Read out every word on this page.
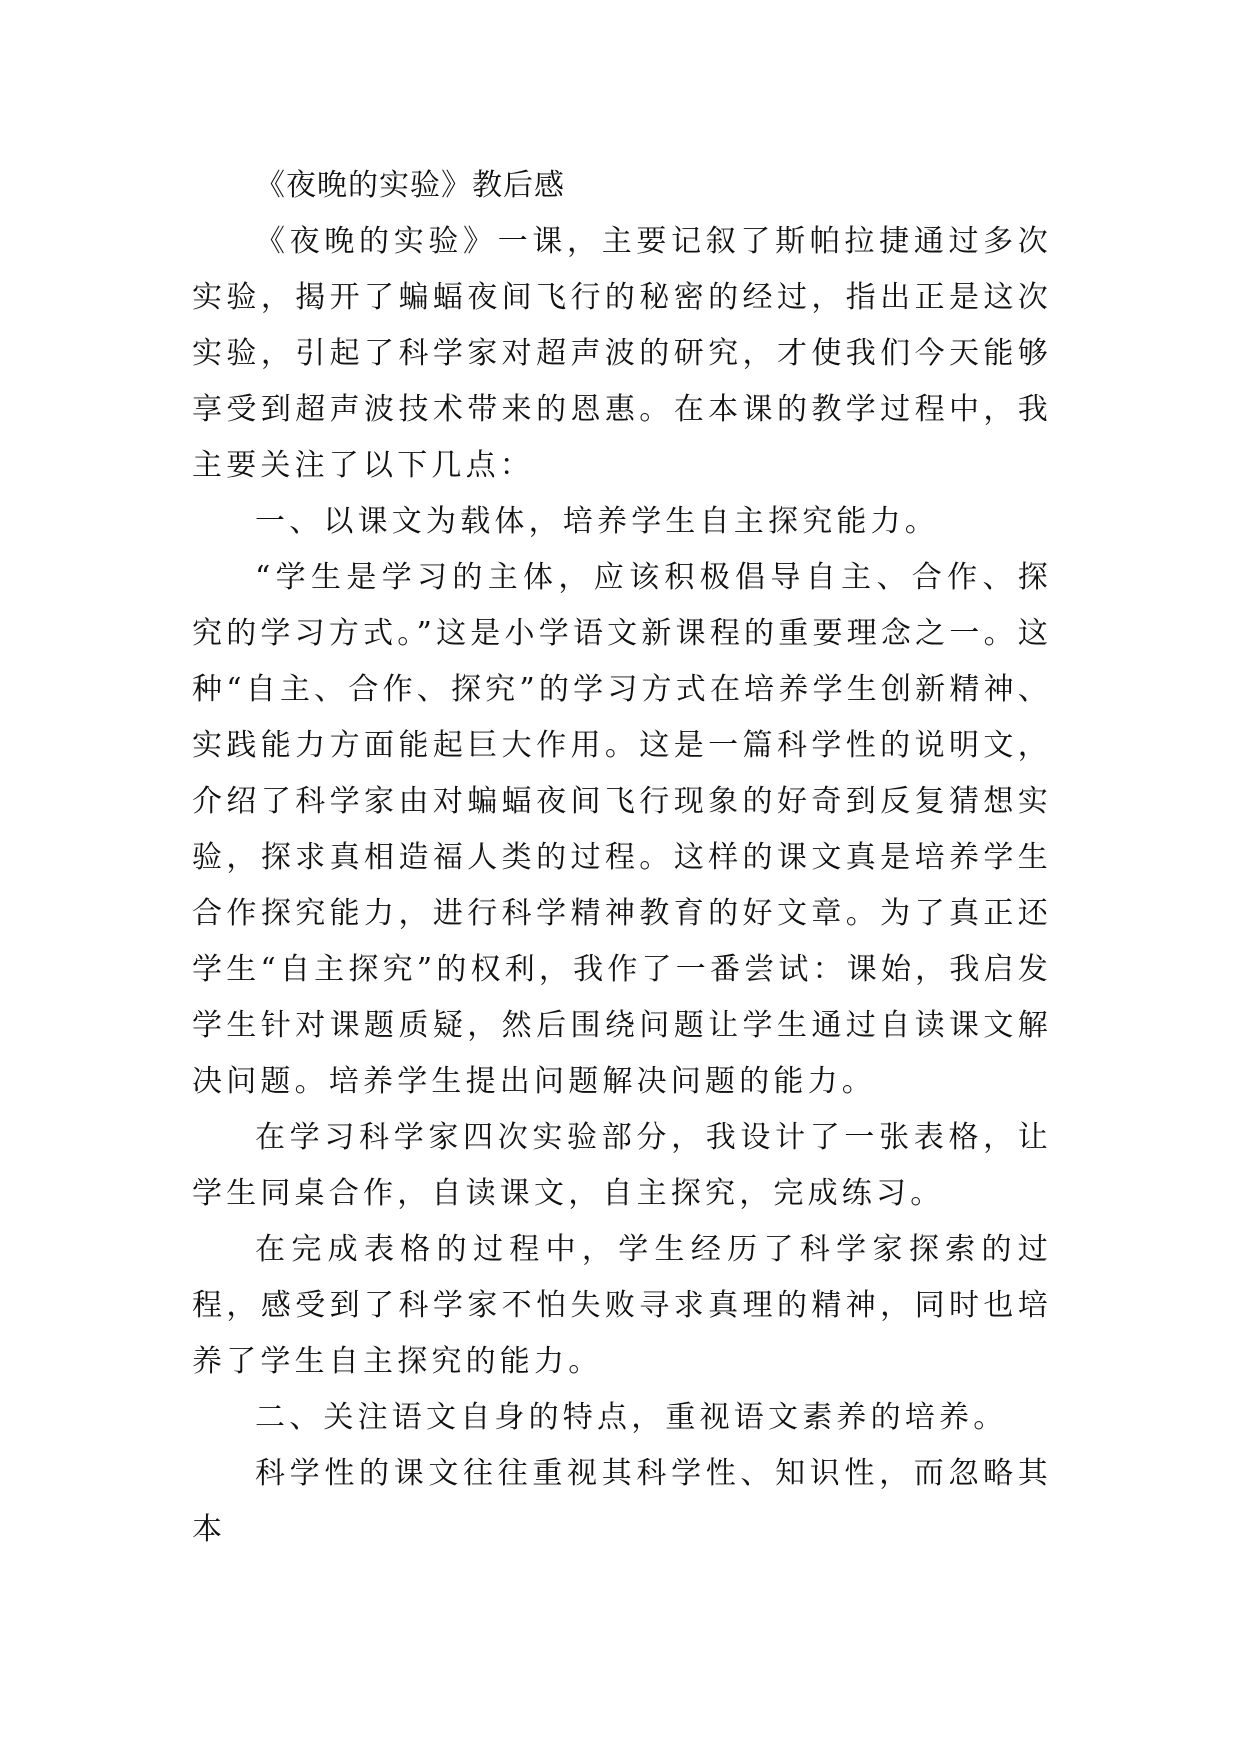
《夜晚的实验》教后感

《夜晚的实验》一课，主要记叙了斯帕拉捷通过多次实验，揭开了蝙蝠夜间飞行的秘密的经过，指出正是这次实验，引起了科学家对超声波的研究，才使我们今天能够享受到超声波技术带来的恩惠。在本课的教学过程中，我主要关注了以下几点：

一、以课文为载体，培养学生自主探究能力。

“学生是学习的主体，应该积极倡导自主、合作、探究的学习方式。”这是小学语文新课程的重要理念之一。这种“自主、合作、探究”的学习方式在培养学生创新精神、实践能力方面能起巨大作用。这是一篇科学性的说明文，介绍了科学家由对蝙蝠夜间飞行现象的好奇到反复猜想实验，探求真相造福人类的过程。这样的课文真是培养学生合作探究能力，进行科学精神教育的好文章。为了真正还学生“自主探究”的权利，我作了一番尝试：课始，我启发学生针对课题质疑，然后围绕问题让学生通过自读课文解决问题。培养学生提出问题解决问题的能力。

在学习科学家四次实验部分，我设计了一张表格，让学生同桌合作，自读课文，自主探究，完成练习。

在完成表格的过程中，学生经历了科学家探索的过程，感受到了科学家不怕失败寻求真理的精神，同时也培养了学生自主探究的能力。

二、关注语文自身的特点，重视语文素养的培养。

科学性的课文往往重视其科学性、知识性，而忽略其本
